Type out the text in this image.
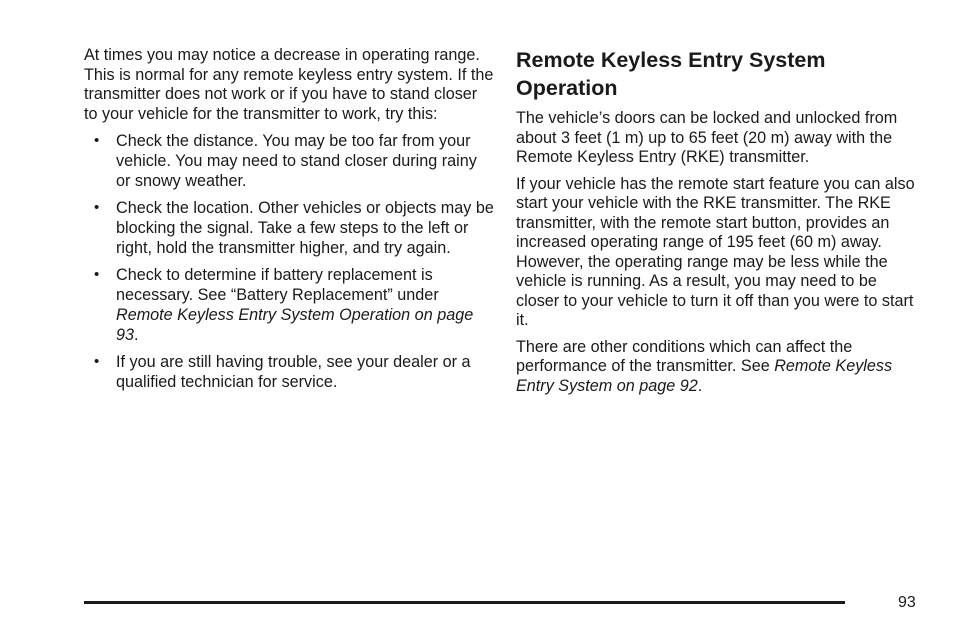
At times you may notice a decrease in operating range. This is normal for any remote keyless entry system. If the transmitter does not work or if you have to stand closer to your vehicle for the transmitter to work, try this:

• Check the distance. You may be too far from your vehicle. You may need to stand closer during rainy or snowy weather.
• Check the location. Other vehicles or objects may be blocking the signal. Take a few steps to the left or right, hold the transmitter higher, and try again.
• Check to determine if battery replacement is necessary. See “Battery Replacement” under Remote Keyless Entry System Operation on page 93.
• If you are still having trouble, see your dealer or a qualified technician for service.
Remote Keyless Entry System Operation

The vehicle’s doors can be locked and unlocked from about 3 feet (1 m) up to 65 feet (20 m) away with the Remote Keyless Entry (RKE) transmitter.

If your vehicle has the remote start feature you can also start your vehicle with the RKE transmitter. The RKE transmitter, with the remote start button, provides an increased operating range of 195 feet (60 m) away. However, the operating range may be less while the vehicle is running. As a result, you may need to be closer to your vehicle to turn it off than you were to start it.

There are other conditions which can affect the performance of the transmitter. See Remote Keyless Entry System on page 92.

93
